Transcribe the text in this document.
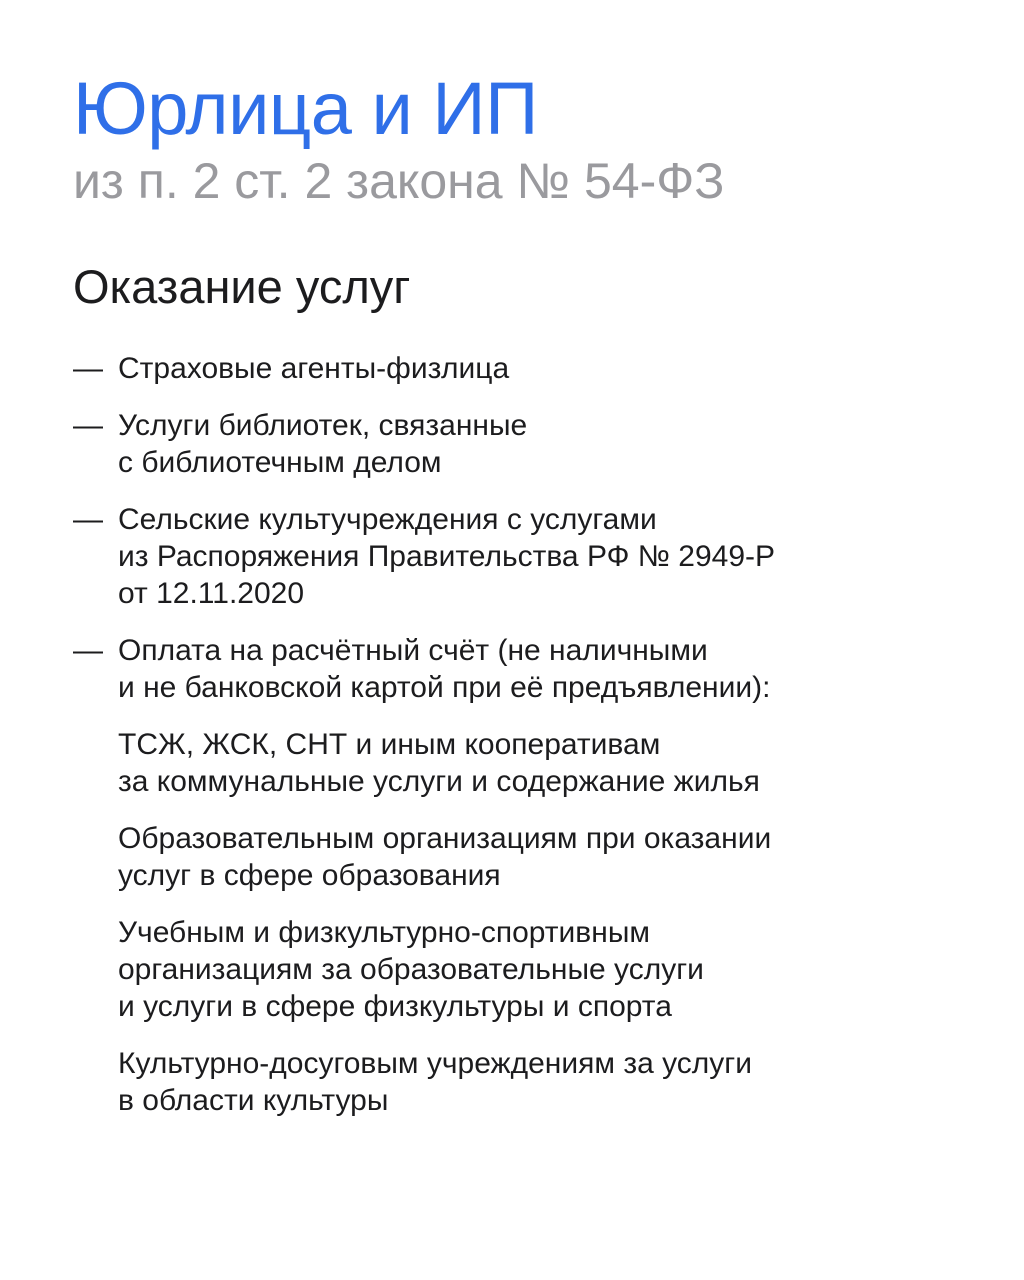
Юрлица и ИП

из п. 2 ст. 2 закона № 54-ФЗ

Оказание услуг
— Страховые агенты-физлица
— Услуги библиотек, связанные
с библиотечным делом
— Сельские культучреждения с услугами
из Распоряжения Правительства РФ № 2949-Р
от 12.11.2020
— Оплата на расчётный счёт (не наличными
и не банковской картой при её предъявлении):
ТСЖ, ЖСК, СНТ и иным кооперативам
за коммунальные услуги и содержание жилья
Образовательным организациям при оказании
услуг в сфере образования
Учебным и физкультурно-спортивным
организациям за образовательные услуги
и услуги в сфере физкультуры и спорта
Культурно-досуговым учреждениям за услуги
в области культуры
